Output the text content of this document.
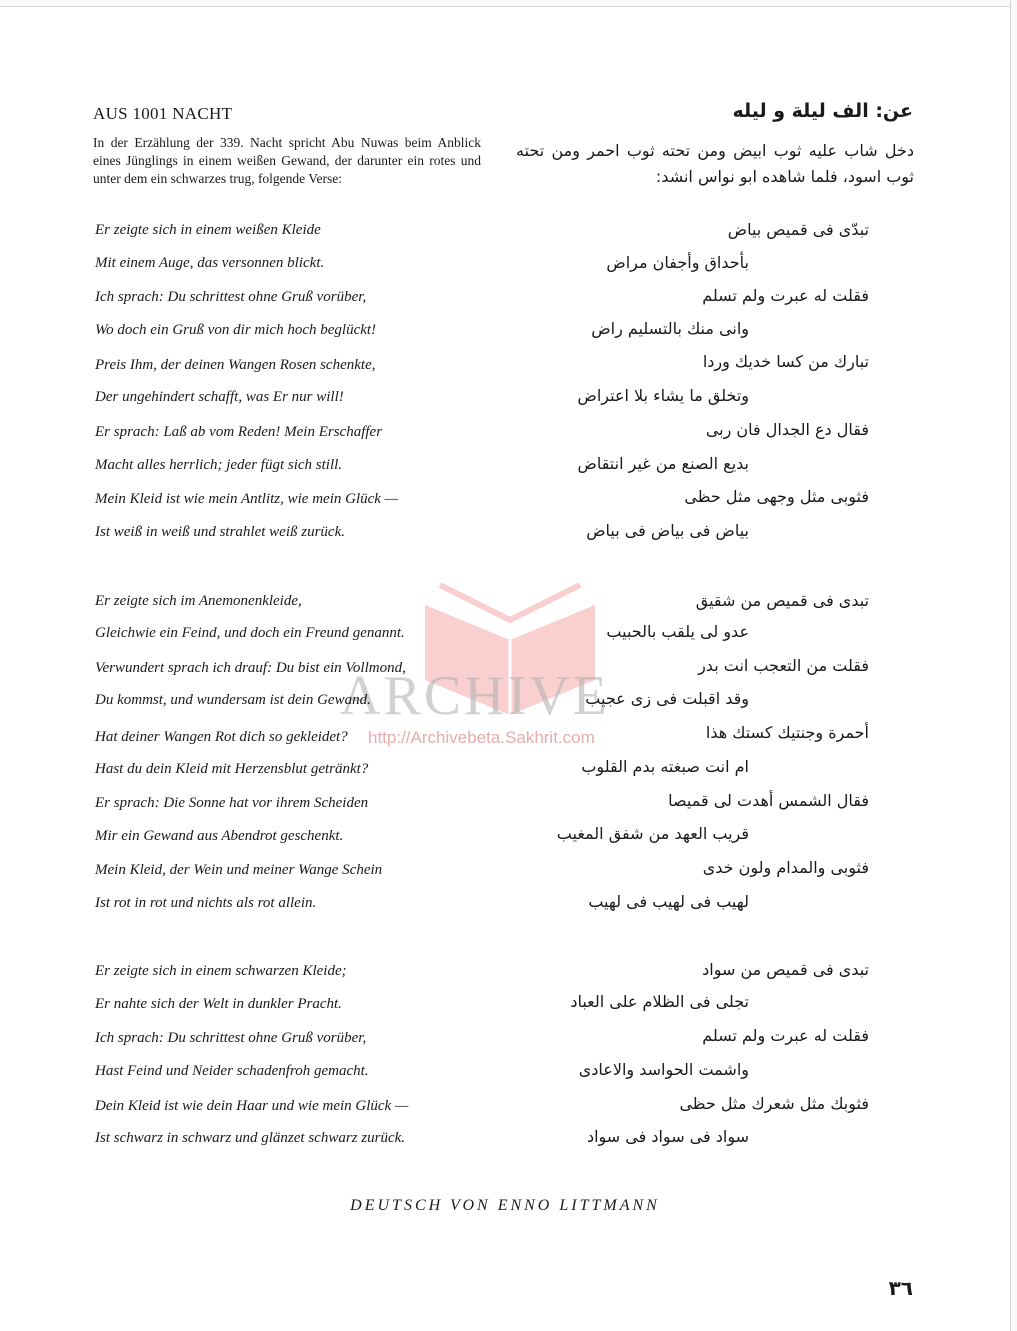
AUS 1001 NACHT	عن: الف ليلة و ليله
In der Erzählung der 339. Nacht spricht Abu Nuwas beim Anblick eines Jünglings in einem weißen Gewand, der darunter ein rotes und unter dem ein schwarzes trug, folgende Verse:
دخل شاب عليه ثوب ابيض ومن تحته ثوب احمر ومن تحته ثوب اسود، فلما شاهده ابو نواس انشد:
Er zeigte sich in einem weißen Kleide
Mit einem Auge, das versonnen blickt.
Ich sprach: Du schrittest ohne Gruß vorüber,
Wo doch ein Gruß von dir mich hoch beglückt!
Preis Ihm, der deinen Wangen Rosen schenkte,
Der ungehindert schafft, was Er nur will!
Er sprach: Laß ab vom Reden! Mein Erschaffer
Macht alles herrlich; jeder fügt sich still.
Mein Kleid ist wie mein Antlitz, wie mein Glück —
Ist weiß in weiß und strahlet weiß zurück.
تبدّى فى قميص بياض
بأحداق وأجفان مراض
فقلت له عبرت ولم تسلم
وانى منك بالتسليم راض
تبارك من كسا خديك وردا
وتخلق ما يشاء بلا اعتراض
فقال دع الجدال فان ربى
بديع الصنع من غير انتقاض
فثوبى مثل وجهى مثل حظى
بياض فى بياض فى بياض
ARCHIVE
http://Archivebeta.Sakhrit.com
Er zeigte sich im Anemonenkleide,
Gleichwie ein Feind, und doch ein Freund genannt.
Verwundert sprach ich drauf: Du bist ein Vollmond,
Du kommst, und wundersam ist dein Gewand.
Hat deiner Wangen Rot dich so gekleidet?
Hast du dein Kleid mit Herzensblut getränkt?
Er sprach: Die Sonne hat vor ihrem Scheiden
Mir ein Gewand aus Abendrot geschenkt.
Mein Kleid, der Wein und meiner Wange Schein
Ist rot in rot und nichts als rot allein.
تبدى فى قميص من شقيق
عدو لى يلقب بالحبيب
فقلت من التعجب انت بدر
وقد اقبلت فى زى عجيب
أحمرة وجنتيك كستك هذا
ام انت صبغته بدم القلوب
فقال الشمس أهدت لى قميصا
قريب العهد من شفق المغيب
فثوبى والمدام ولون خدى
لهيب فى لهيب فى لهيب
Er zeigte sich in einem schwarzen Kleide;
Er nahte sich der Welt in dunkler Pracht.
Ich sprach: Du schrittest ohne Gruß vorüber,
Hast Feind und Neider schadenfroh gemacht.
Dein Kleid ist wie dein Haar und wie mein Glück —
Ist schwarz in schwarz und glänzet schwarz zurück.
تبدى فى قميص من سواد
تجلى فى الظلام على العباد
فقلت له عبرت ولم تسلم
واشمت الحواسد والاعادى
فثوبك مثل شعرك مثل حظى
سواد فى سواد فى سواد
DEUTSCH VON ENNO LITTMANN
٣٦
